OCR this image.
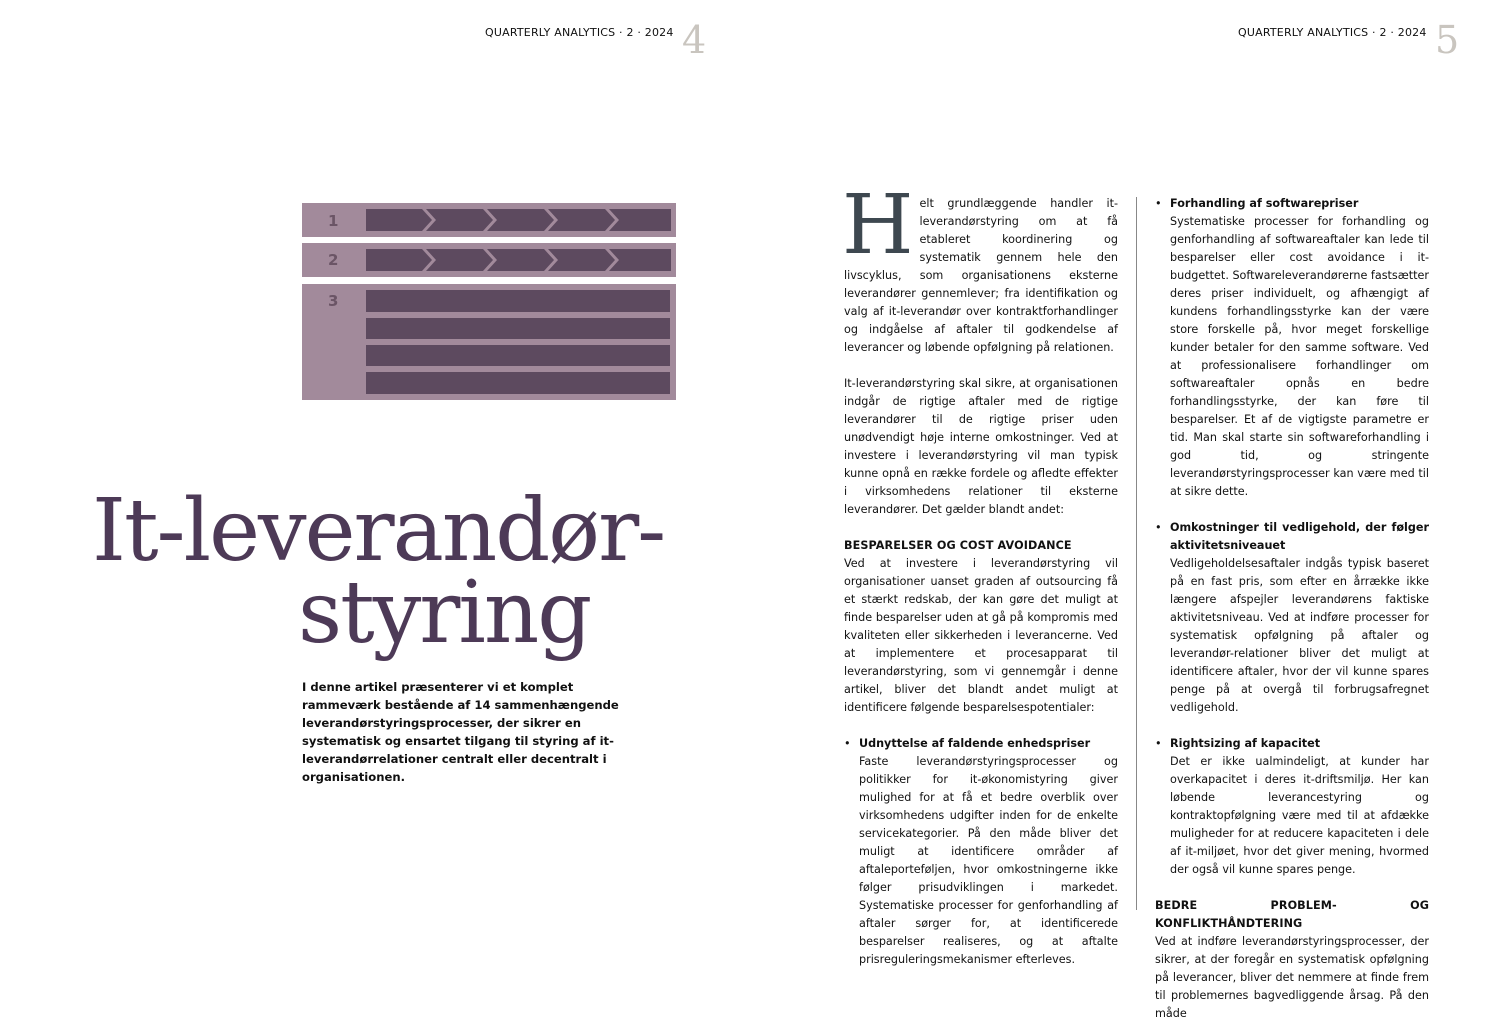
QUARTERLY ANALYTICS · 2 · 2024 4	QUARTERLY ANALYTICS · 2 · 2024 5
1
2
3
It-leverandør-
styring
I denne artikel præsenterer vi et komplet rammeværk bestående af 14 sammenhængende leverandørstyringsprocesser, der sikrer en systematisk og ensartet tilgang til styring af it-leverandørrelationer centralt eller decentralt i organisationen.

Helt grundlæggende handler it-leverandørstyring om at få etableret koordinering og systematik gennem hele den livscyklus, som organisationens eksterne leverandører gennemlever; fra identifikation og valg af it-leverandør over kontraktforhandlinger og indgåelse af aftaler til godkendelse af leverancer og løbende opfølgning på relationen.

It-leverandørstyring skal sikre, at organisationen indgår de rigtige aftaler med de rigtige leverandører til de rigtige priser uden unødvendigt høje interne omkostninger. Ved at investere i leverandørstyring vil man typisk kunne opnå en række fordele og afledte effekter i virksomhedens relationer til eksterne leverandører. Det gælder blandt andet:

BESPARELSER OG COST AVOIDANCE

Ved at investere i leverandørstyring vil organisationer uanset graden af outsourcing få et stærkt redskab, der kan gøre det muligt at finde besparelser uden at gå på kompromis med kvaliteten eller sikkerheden i leverancerne. Ved at implementere et procesapparat til leverandørstyring, som vi gennemgår i denne artikel, bliver det blandt andet muligt at identificere følgende besparelsespotentialer:

• Udnyttelse af faldende enhedspriser
Faste leverandørstyringsprocesser og politikker for it-økonomistyring giver mulighed for at få et bedre overblik over virksomhedens udgifter inden for de enkelte servicekategorier. På den måde bliver det muligt at identificere områder af aftaleporteføljen, hvor omkostningerne ikke følger prisudviklingen i markedet. Systematiske processer for genforhandling af aftaler sørger for, at identificerede besparelser realiseres, og at aftalte prisreguleringsmekanismer efterleves.
• Forhandling af softwarepriser
Systematiske processer for forhandling og genforhandling af softwareaftaler kan lede til besparelser eller cost avoidance i it-budgettet. Softwareleverandørerne fastsætter deres priser individuelt, og afhængigt af kundens forhandlingsstyrke kan der være store forskelle på, hvor meget forskellige kunder betaler for den samme software. Ved at professionalisere forhandlinger om softwareaftaler opnås en bedre forhandlingsstyrke, der kan føre til besparelser. Et af de vigtigste parametre er tid. Man skal starte sin softwareforhandling i god tid, og stringente leverandørstyringsprocesser kan være med til at sikre dette.
• Omkostninger til vedligehold, der følger aktivitetsniveauet
Vedligeholdelsesaftaler indgås typisk baseret på en fast pris, som efter en årrække ikke længere afspejler leverandørens faktiske aktivitetsniveau. Ved at indføre processer for systematisk opfølgning på aftaler og leverandør-relationer bliver det muligt at identificere aftaler, hvor der vil kunne spares penge på at overgå til forbrugsafregnet vedligehold.
• Rightsizing af kapacitet
Det er ikke ualmindeligt, at kunder har overkapacitet i deres it-driftsmiljø. Her kan løbende leverancestyring og kontraktopfølgning være med til at afdække muligheder for at reducere kapaciteten i dele af it-miljøet, hvor det giver mening, hvormed der også vil kunne spares penge.

BEDRE PROBLEM- OG KONFLIKTHÅNDTERING

Ved at indføre leverandørstyringsprocesser, der sikrer, at der foregår en systematisk opfølgning på leverancer, bliver det nemmere at finde frem til problemernes bagvedliggende årsag. På den måde
